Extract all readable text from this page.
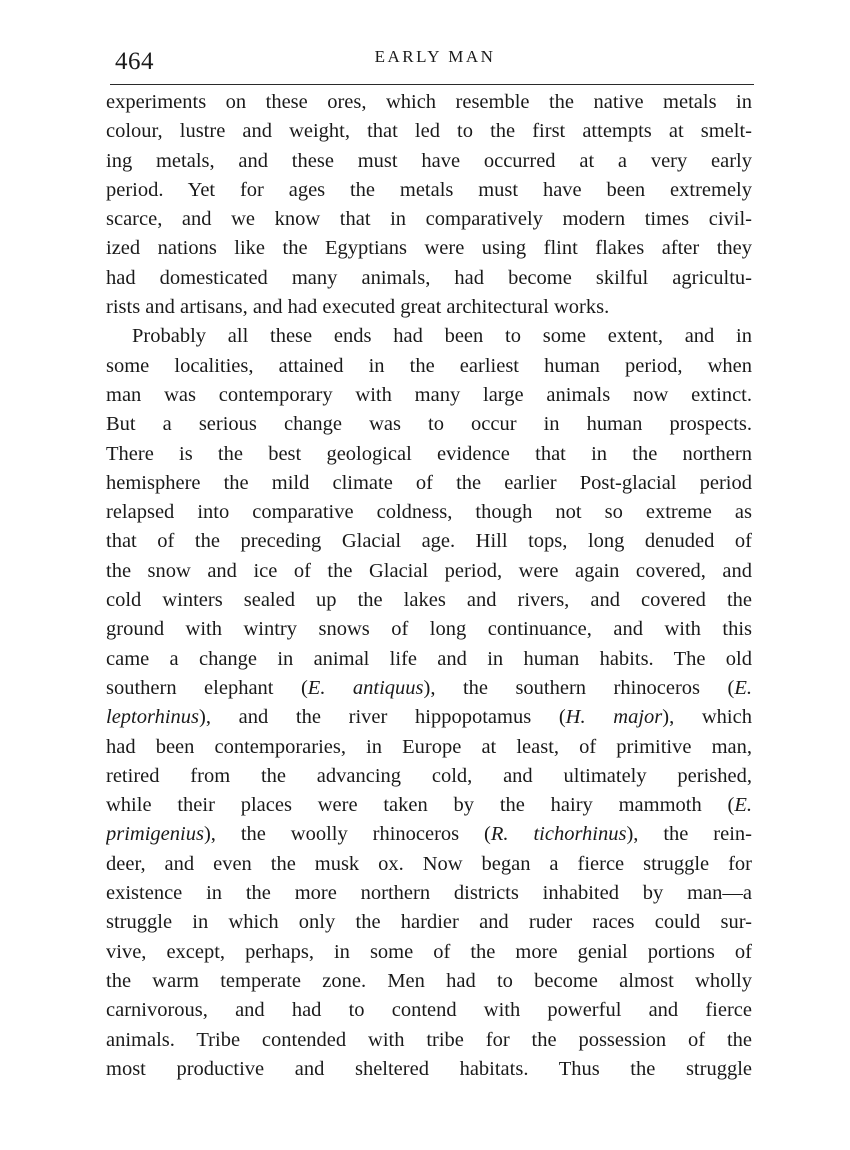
464	EARLY MAN
experiments on these ores, which resemble the native metals in
colour, lustre and weight, that led to the first attempts at smelt-
ing metals, and these must have occurred at a very early
period. Yet for ages the metals must have been extremely
scarce, and we know that in comparatively modern times civil-
ized nations like the Egyptians were using flint flakes after they
had domesticated many animals, had become skilful agricultu-
rists and artisans, and had executed great architectural works.
Probably all these ends had been to some extent, and in
some localities, attained in the earliest human period, when
man was contemporary with many large animals now extinct.
But a serious change was to occur in human prospects.
There is the best geological evidence that in the northern
hemisphere the mild climate of the earlier Post-glacial period
relapsed into comparative coldness, though not so extreme as
that of the preceding Glacial age. Hill tops, long denuded of
the snow and ice of the Glacial period, were again covered, and
cold winters sealed up the lakes and rivers, and covered the
ground with wintry snows of long continuance, and with this
came a change in animal life and in human habits. The old
southern elephant (E. antiquus), the southern rhinoceros (E.
leptorhinus), and the river hippopotamus (H. major), which
had been contemporaries, in Europe at least, of primitive man,
retired from the advancing cold, and ultimately perished,
while their places were taken by the hairy mammoth (E.
primigenius), the woolly rhinoceros (R. tichorhinus), the rein-
deer, and even the musk ox. Now began a fierce struggle for
existence in the more northern districts inhabited by man—a
struggle in which only the hardier and ruder races could sur-
vive, except, perhaps, in some of the more genial portions of
the warm temperate zone. Men had to become almost wholly
carnivorous, and had to contend with powerful and fierce
animals. Tribe contended with tribe for the possession of the
most productive and sheltered habitats. Thus the struggle
